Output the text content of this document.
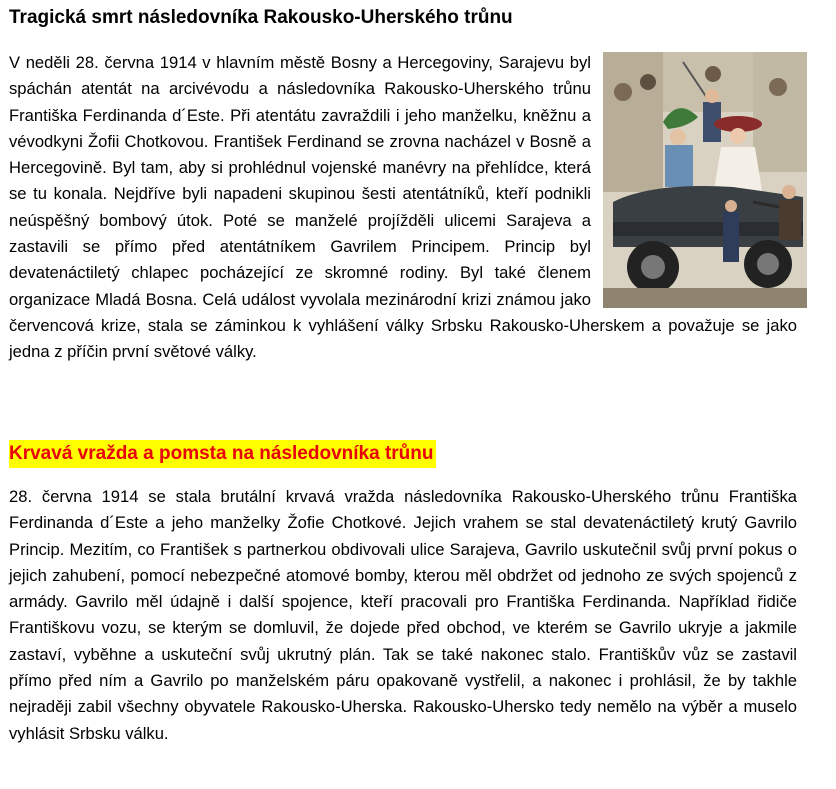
Tragická smrt následovníka Rakousko-Uherského trůnu
V neděli 28. června 1914 v hlavním městě Bosny a Hercegoviny, Sarajevu byl spáchán atentát na arcivévodu a následovníka Rakousko-Uherského trůnu Františka Ferdinanda d´Este. Při atentátu zavraždili i jeho manželku, kněžnu a vévodkyni Žofii Chotkovou. František Ferdinand se zrovna nacházel v Bosně a Hercegovině. Byl tam, aby si prohlédnul vojenské manévry na přehlídce, která se tu konala. Nejdříve byli napadeni skupinou šesti atentátníků, kteří podnikli neúspěšný bombový útok. Poté se manželé projížděli ulicemi Sarajeva a zastavili se přímo před atentátníkem Gavrilem Principem. Princip byl devatenáctiletý chlapec pocházející ze skromné rodiny. Byl také členem organizace Mladá Bosna. Celá událost vyvolala mezinárodní krizi známou jako červencová krize, stala se záminkou k vyhlášení války Srbsku Rakousko-Uherskem a považuje se jako jedna z příčin první světové války.
Krvavá vražda a pomsta na následovníka trůnu

28. června 1914 se stala brutální krvavá vražda následovníka Rakousko-Uherského trůnu Františka Ferdinanda d´Este a jeho manželky Žofie Chotkové. Jejich vrahem se stal devatenáctiletý krutý Gavrilo Princip. Mezitím, co František s partnerkou obdivovali ulice Sarajeva, Gavrilo uskutečnil svůj první pokus o jejich zahubení, pomocí nebezpečné atomové bomby, kterou měl obdržet od jednoho ze svých spojenců z armády. Gavrilo měl údajně i další spojence, kteří pracovali pro Františka Ferdinanda. Například řidiče Františkovu vozu, se kterým se domluvil, že dojede před obchod, ve kterém se Gavrilo ukryje a jakmile zastaví, vyběhne a uskuteční svůj ukrutný plán. Tak se také nakonec stalo. Františkův vůz se zastavil přímo před ním a Gavrilo po manželském páru opakovaně vystřelil, a nakonec i prohlásil, že by takhle nejraději zabil všechny obyvatele Rakousko-Uherska. Rakousko-Uhersko tedy nemělo na výběr a muselo vyhlásit Srbsku válku.
